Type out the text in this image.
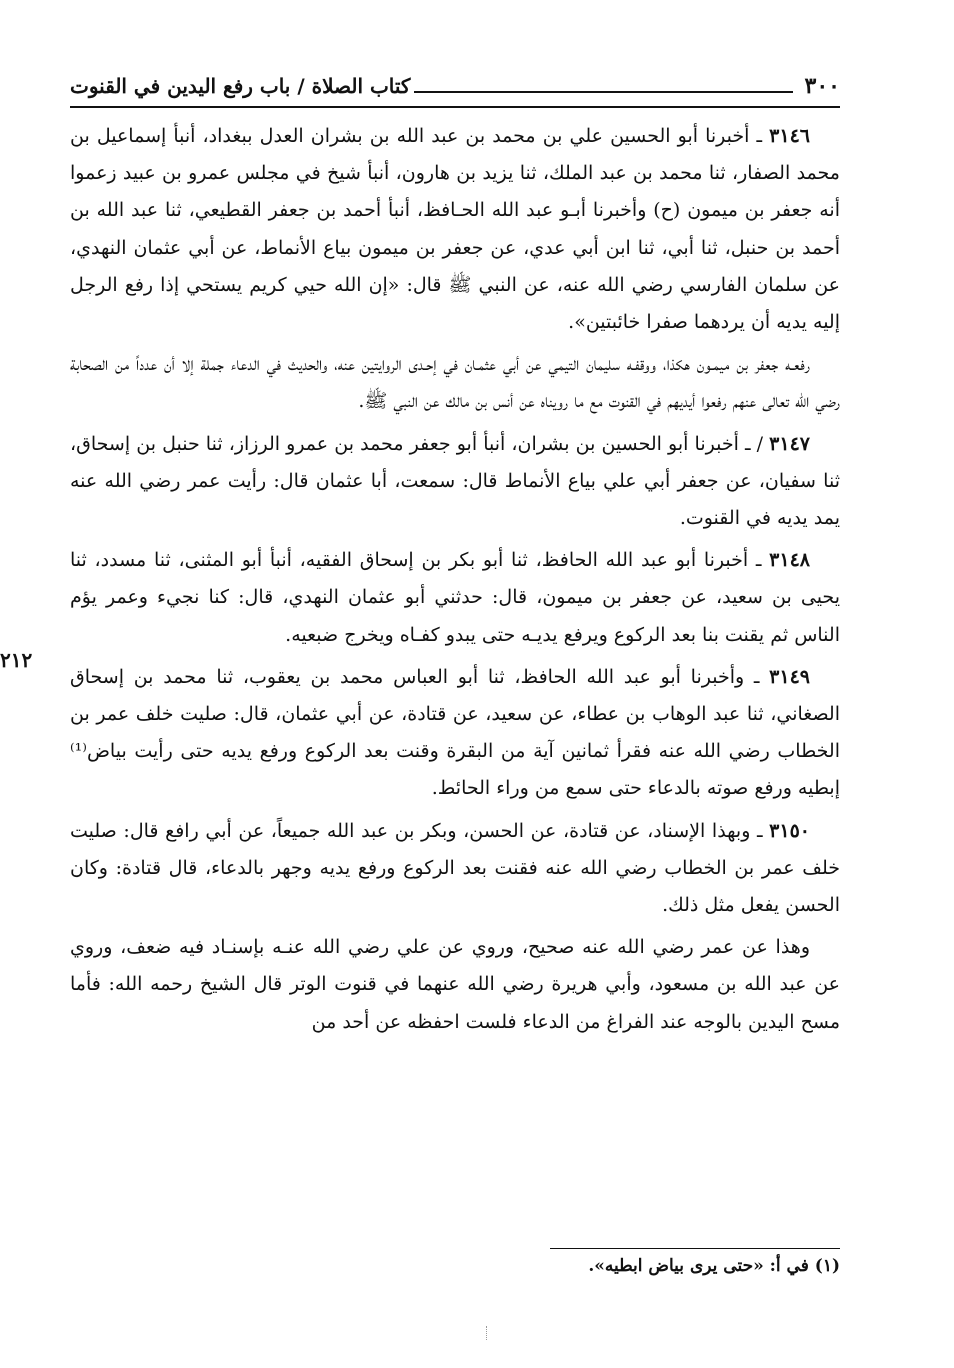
٣٠٠
كتاب الصلاة / باب رفع اليدين في القنوت

٣١٤٦ ـ أخبرنا أبو الحسين علي بن محمد بن عبد الله بن بشران العدل ببغداد، أنبأ إسماعيل بن محمد الصفار، ثنا محمد بن عبد الملك، ثنا يزيد بن هارون، أنبأ شيخ في مجلس عمرو بن عبيد زعموا أنه جعفر بن ميمون (ح) وأخبرنا أبـو عبد الله الحـافظ، أنبأ أحمد بن جعفر القطيعي، ثنا عبد الله بن أحمد بن حنبل، ثنا أبي، ثنا ابن أبي عدي، عن جعفر بن ميمون بياع الأنماط، عن أبي عثمان النهدي، عن سلمان الفارسي رضي الله عنه، عن النبي ﷺ قال: «إن الله حيي كريم يستحي إذا رفع الرجل إليه يديه أن يردهما صفرا خائبتين».

رفعـه جعفر بن ميمـون هكذا، ووقفـه سليمان التيمي عن أبي عثمـان في إحـدى الروايتين عنه، والحديث في الدعاء جملة إلا أن عدداً من الصحابة رضي الله تعالى عنهم رفعوا أيديهم في القنوت مع ما رويناه عن أنس بن مالك عن النبي ﷺ.

٣١٤٧ / ـ أخبرنا أبو الحسين بن بشران، أنبأ أبو جعفر محمد بن عمرو الرزاز، ثنا حنبل بن إسحاق، ثنا سفيان، عن جعفر أبي علي بياع الأنماط قال: سمعت، أبا عثمان قال: رأيت عمر رضي الله عنه يمد يديه في القنوت.

٣١٤٨ ـ أخبرنا أبو عبد الله الحافظ، ثنا أبو بكر بن إسحاق الفقيه، أنبأ أبو المثنى، ثنا مسدد، ثنا يحيى بن سعيد، عن جعفر بن ميمون، قال: حدثني أبو عثمان النهدي، قال: كنا نجيء وعمر يؤم الناس ثم يقنت بنا بعد الركوع ويرفع يديـه حتى يبدو كفـاه ويخرج ضبعيه.

٣١٤٩ ـ وأخبرنا أبو عبد الله الحافظ، ثنا أبو العباس محمد بن يعقوب، ثنا محمد بن إسحاق الصغاني، ثنا عبد الوهاب بن عطاء، عن سعيد، عن قتادة، عن أبي عثمان، قال: صليت خلف عمر بن الخطاب رضي الله عنه فقرأ ثمانين آية من البقرة وقنت بعد الركوع ورفع يديه حتى رأيت بياض⁽¹⁾ إبطيه ورفع صوته بالدعاء حتى سمع من وراء الحائط.

٣١٥٠ ـ وبهذا الإسناد، عن قتادة، عن الحسن، وبكر بن عبد الله جميعاً، عن أبي رافع قال: صليت خلف عمر بن الخطاب رضي الله عنه فقنت بعد الركوع ورفع يديه وجهر بالدعاء، قال قتادة: وكان الحسن يفعل مثل ذلك.

وهذا عن عمر رضي الله عنه صحيح، وروي عن علي رضي الله عنـه بإسنـاد فيه ضعف، وروي عن عبد الله بن مسعود، وأبي هريرة رضي الله عنهما في قنوت الوتر قال الشيخ رحمه الله: فأما مسح اليدين بالوجه عند الفراغ من الدعاء فلست احفظه عن أحد من

٢١٢
(١) في أ: «حتى يرى بياض ابطيه».
